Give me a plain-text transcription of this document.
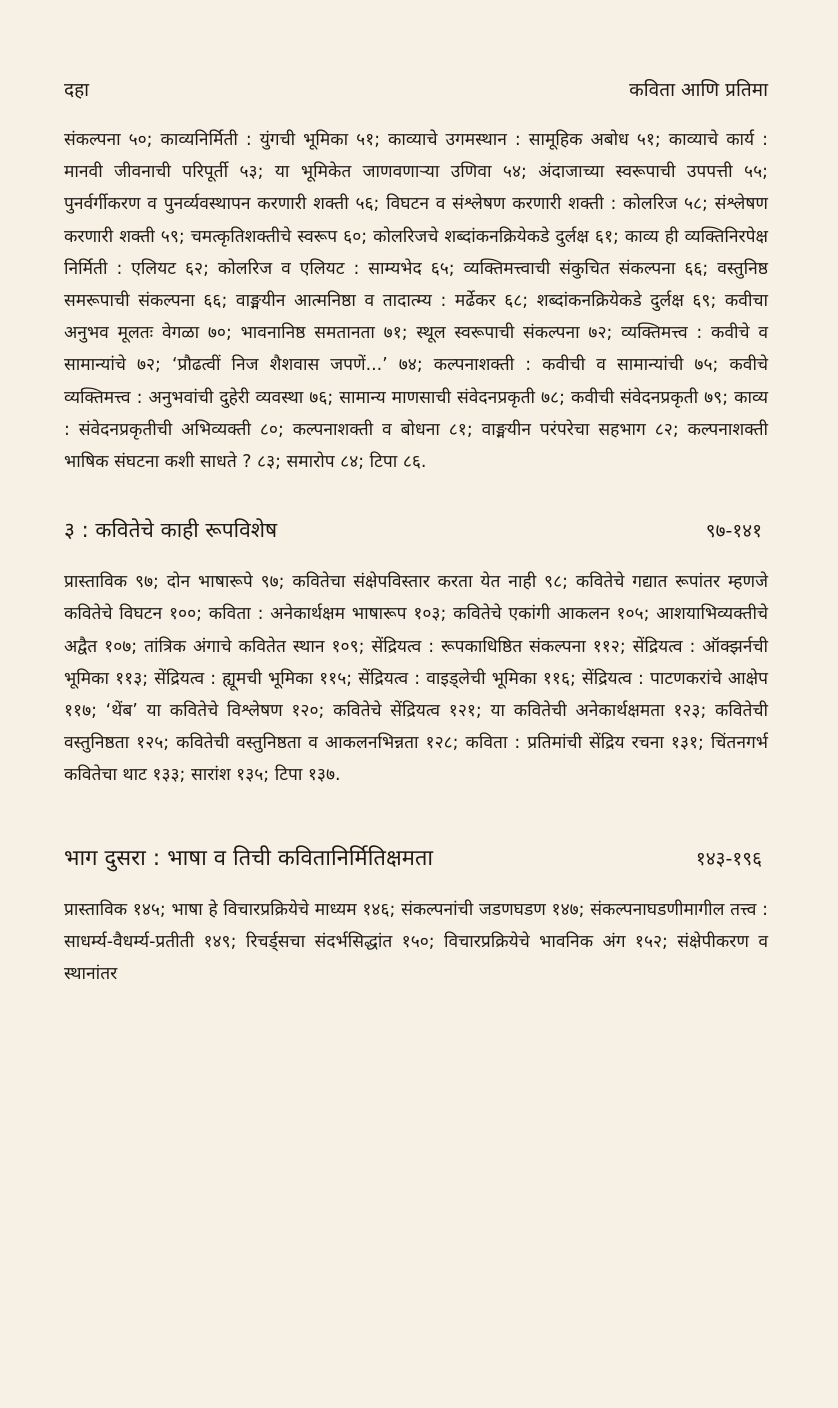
दहा	कविता आणि प्रतिमा

संकल्पना ५०; काव्यनिर्मिती : युंगची भूमिका ५१; काव्याचे उगमस्थान : सामूहिक अबोध ५१; काव्याचे कार्य : मानवी जीवनाची परिपूर्ती ५३; या भूमिकेत जाणवणाऱ्या उणिवा ५४; अंदाजाच्या स्वरूपाची उपपत्ती ५५; पुनर्वर्गीकरण व पुनर्व्यवस्थापन करणारी शक्ती ५६; विघटन व संश्लेषण करणारी शक्ती : कोलरिज ५८; संश्लेषण करणारी शक्ती ५९; चमत्कृतिशक्तीचे स्वरूप ६०; कोलरिजचे शब्दांकनक्रियेकडे दुर्लक्ष ६१; काव्य ही व्यक्तिनिरपेक्ष निर्मिती : एलियट ६२; कोलरिज व एलियट : साम्यभेद ६५; व्यक्तिमत्त्वाची संकुचित संकल्पना ६६; वस्तुनिष्ठ समरूपाची संकल्पना ६६; वाङ्मयीन आत्मनिष्ठा व तादात्म्य : मर्ढेकर ६८; शब्दांकनक्रियेकडे दुर्लक्ष ६९; कवीचा अनुभव मूलतः वेगळा ७०; भावनानिष्ठ समतानता ७१; स्थूल स्वरूपाची संकल्पना ७२; व्यक्तिमत्त्व : कवीचे व सामान्यांचे ७२; ‘प्रौढत्वीं निज शैशवास जपणें...’ ७४; कल्पनाशक्ती : कवीची व सामान्यांची ७५; कवीचे व्यक्तिमत्त्व : अनुभवांची दुहेरी व्यवस्था ७६; सामान्य माणसाची संवेदनप्रकृती ७८; कवीची संवेदनप्रकृती ७९; काव्य : संवेदनप्रकृतीची अभिव्यक्ती ८०; कल्पनाशक्ती व बोधना ८१; वाङ्मयीन परंपरेचा सहभाग ८२; कल्पनाशक्ती भाषिक संघटना कशी साधते ? ८३; समारोप ८४; टिपा ८६.

३ : कवितेचे काही रूपविशेष	९७-१४१

प्रास्ताविक ९७; दोन भाषारूपे ९७; कवितेचा संक्षेपविस्तार करता येत नाही ९८; कवितेचे गद्यात रूपांतर म्हणजे कवितेचे विघटन १००; कविता : अनेकार्थक्षम भाषारूप १०३; कवितेचे एकांगी आकलन १०५; आशयाभिव्यक्तीचे अद्वैत १०७; तांत्रिक अंगाचे कवितेत स्थान १०९; सेंद्रियत्व : रूपकाधिष्ठित संकल्पना ११२; सेंद्रियत्व : ऑक्झर्नची भूमिका ११३; सेंद्रियत्व : ह्यूमची भूमिका ११५; सेंद्रियत्व : वाइड्लेची भूमिका ११६; सेंद्रियत्व : पाटणकरांचे आक्षेप ११७; ‘थेंब’ या कवितेचे विश्लेषण १२०; कवितेचे सेंद्रियत्व १२१; या कवितेची अनेकार्थक्षमता १२३; कवितेची वस्तुनिष्ठता १२५; कवितेची वस्तुनिष्ठता व आकलनभिन्नता १२८; कविता : प्रतिमांची सेंद्रिय रचना १३१; चिंतनगर्भ कवितेचा थाट १३३; सारांश १३५; टिपा १३७.

भाग दुसरा : भाषा व तिची कवितानिर्मितिक्षमता	१४३-१९६

प्रास्ताविक १४५; भाषा हे विचारप्रक्रियेचे माध्यम १४६; संकल्पनांची जडणघडण १४७; संकल्पनाघडणीमागील तत्त्व : साधर्म्य-वैधर्म्य-प्रतीती १४९; रिचर्ड्‌सचा संदर्भसिद्धांत १५०; विचारप्रक्रियेचे भावनिक अंग १५२; संक्षेपीकरण व स्थानांतर
